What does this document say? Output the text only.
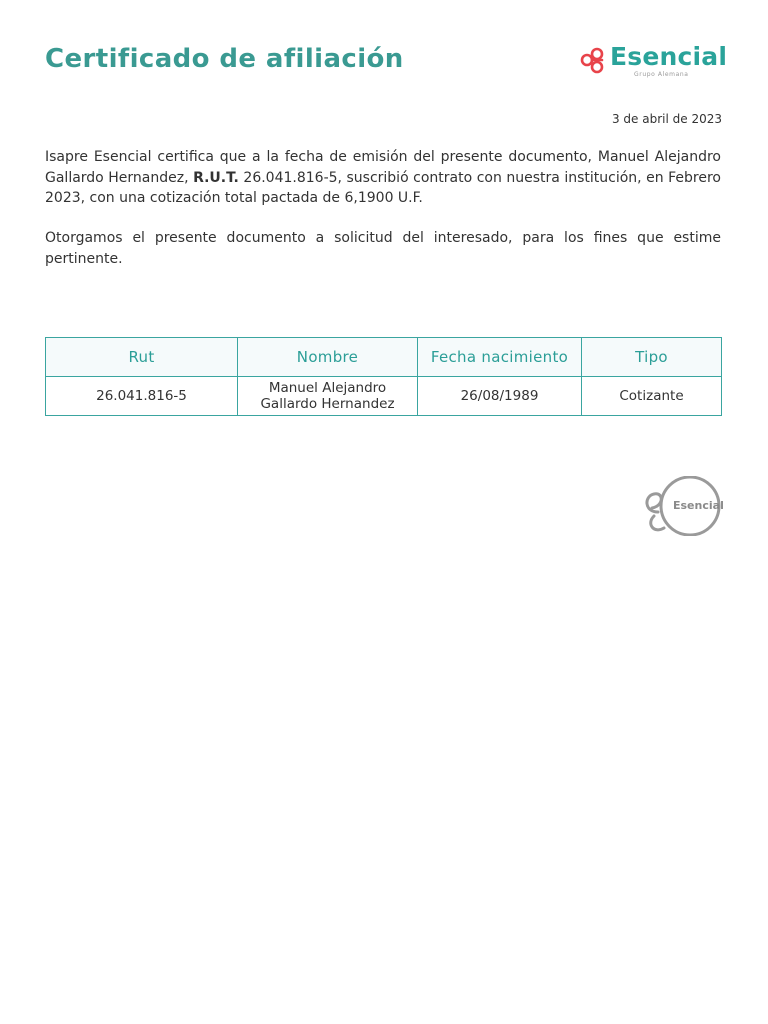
Certificado de afiliación	Esencial
Grupo Alemana
3 de abril de 2023

Isapre Esencial certifica que a la fecha de emisión del presente documento, Manuel Alejandro Gallardo Hernandez, R.U.T. 26.041.816-5, suscribió contrato con nuestra institución, en Febrero 2023, con una cotización total pactada de 6,1900 U.F.

Otorgamos el presente documento a solicitud del interesado, para los fines que estime pertinente.

Rut	Nombre	Fecha nacimiento	Tipo
26.041.816-5	Manuel Alejandro Gallardo Hernandez	26/08/1989	Cotizante
Esencial
